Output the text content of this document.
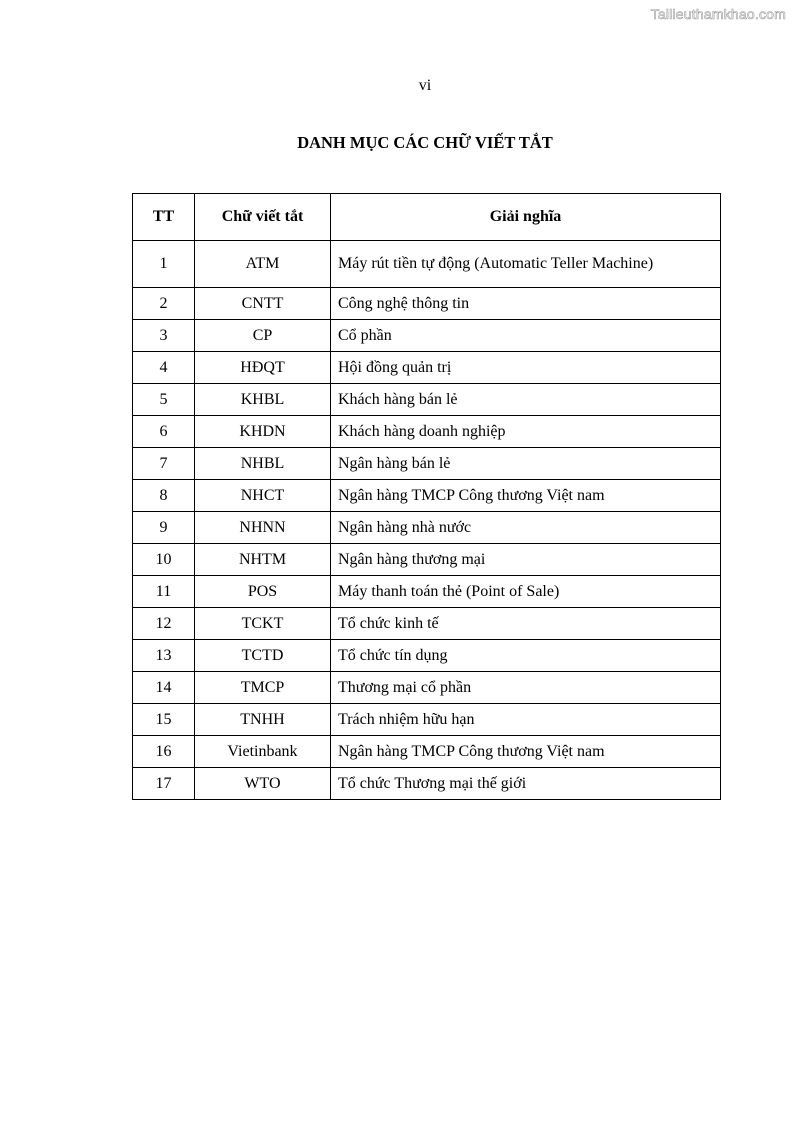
Tailieuthamkhao.com
vi
DANH MỤC CÁC CHỮ VIẾT TẮT
TT	Chữ viết tắt	Giải nghĩa
1	ATM	Máy rút tiền tự động (Automatic Teller Machine)
2	CNTT	Công nghệ thông tin
3	CP	Cổ phần
4	HĐQT	Hội đồng quản trị
5	KHBL	Khách hàng bán lẻ
6	KHDN	Khách hàng doanh nghiệp
7	NHBL	Ngân hàng bán lẻ
8	NHCT	Ngân hàng TMCP Công thương Việt nam
9	NHNN	Ngân hàng nhà nước
10	NHTM	Ngân hàng thương mại
11	POS	Máy thanh toán thẻ (Point of Sale)
12	TCKT	Tổ chức kinh tế
13	TCTD	Tổ chức tín dụng
14	TMCP	Thương mại cổ phần
15	TNHH	Trách nhiệm hữu hạn
16	Vietinbank	Ngân hàng TMCP Công thương Việt nam
17	WTO	Tổ chức Thương mại thế giới
